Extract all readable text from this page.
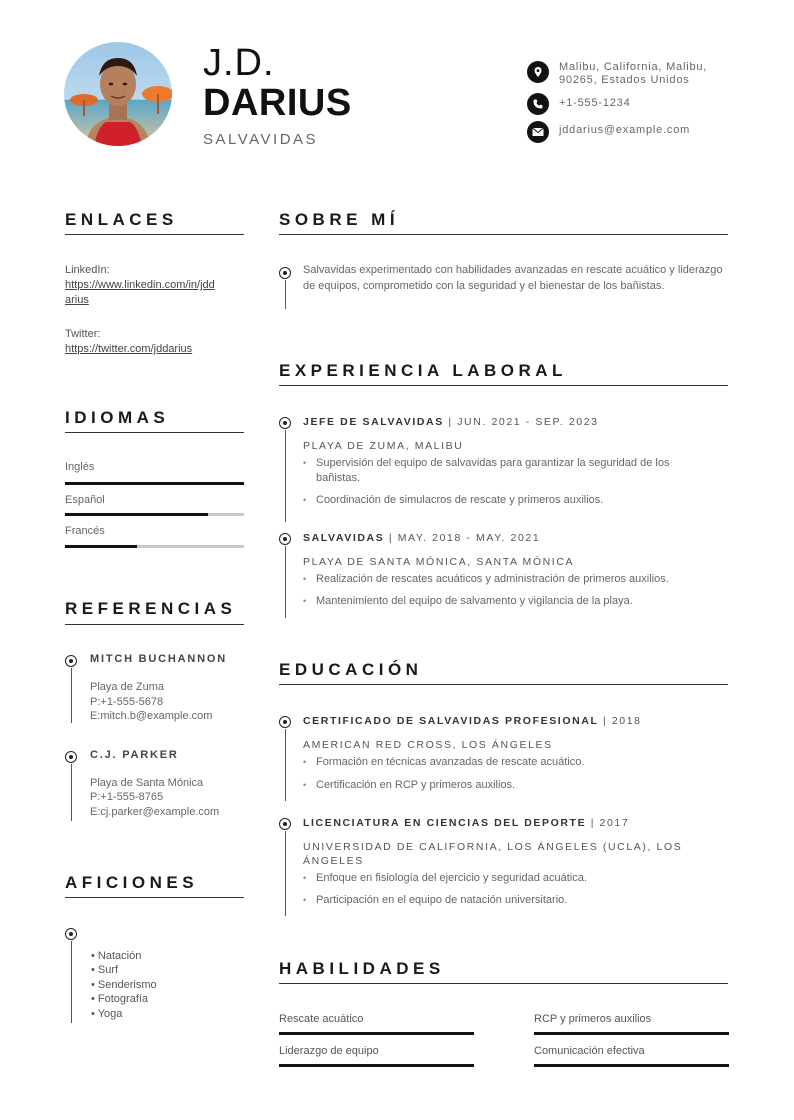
J.D.
DARIUS
SALVAVIDAS
Malibu, California, Malibu,
90265, Estados Unidos
+1-555-1234
jddarius@example.com
ENLACES
LinkedIn:
https://www.linkedin.com/in/jdd
arius
Twitter:
https://twitter.com/jddarius
IDIOMAS
Inglés
Español
Francés
REFERENCIAS
MITCH BUCHANNON
Playa de Zuma
P:+1-555-5678
E:mitch.b@example.com
C.J. PARKER
Playa de Santa Mónica
P:+1-555-8765
E:cj.parker@example.com
AFICIONES
• Natación
• Surf
• Senderismo
• Fotografía
• Yoga
SOBRE MÍ
Salvavidas experimentado con habilidades avanzadas en rescate acuático y liderazgo de equipos, comprometido con la seguridad y el bienestar de los bañistas.
EXPERIENCIA LABORAL
JEFE DE SALVAVIDAS | JUN. 2021 - SEP. 2023
PLAYA DE ZUMA, MALIBU
• Supervisión del equipo de salvavidas para garantizar la seguridad de los bañistas.
• Coordinación de simulacros de rescate y primeros auxilios.
SALVAVIDAS | MAY. 2018 - MAY. 2021
PLAYA DE SANTA MÓNICA, SANTA MÓNICA
• Realización de rescates acuáticos y administración de primeros auxilios.
• Mantenimiento del equipo de salvamento y vigilancia de la playa.
EDUCACIÓN
CERTIFICADO DE SALVAVIDAS PROFESIONAL | 2018
AMERICAN RED CROSS, LOS ÁNGELES
• Formación en técnicas avanzadas de rescate acuático.
• Certificación en RCP y primeros auxilios.
LICENCIATURA EN CIENCIAS DEL DEPORTE | 2017
UNIVERSIDAD DE CALIFORNIA, LOS ÁNGELES (UCLA), LOS
ÁNGELES
• Enfoque en fisiología del ejercicio y seguridad acuática.
• Participación en el equipo de natación universitario.
HABILIDADES
Rescate acuático	RCP y primeros auxilios
Liderazgo de equipo	Comunicación efectiva
